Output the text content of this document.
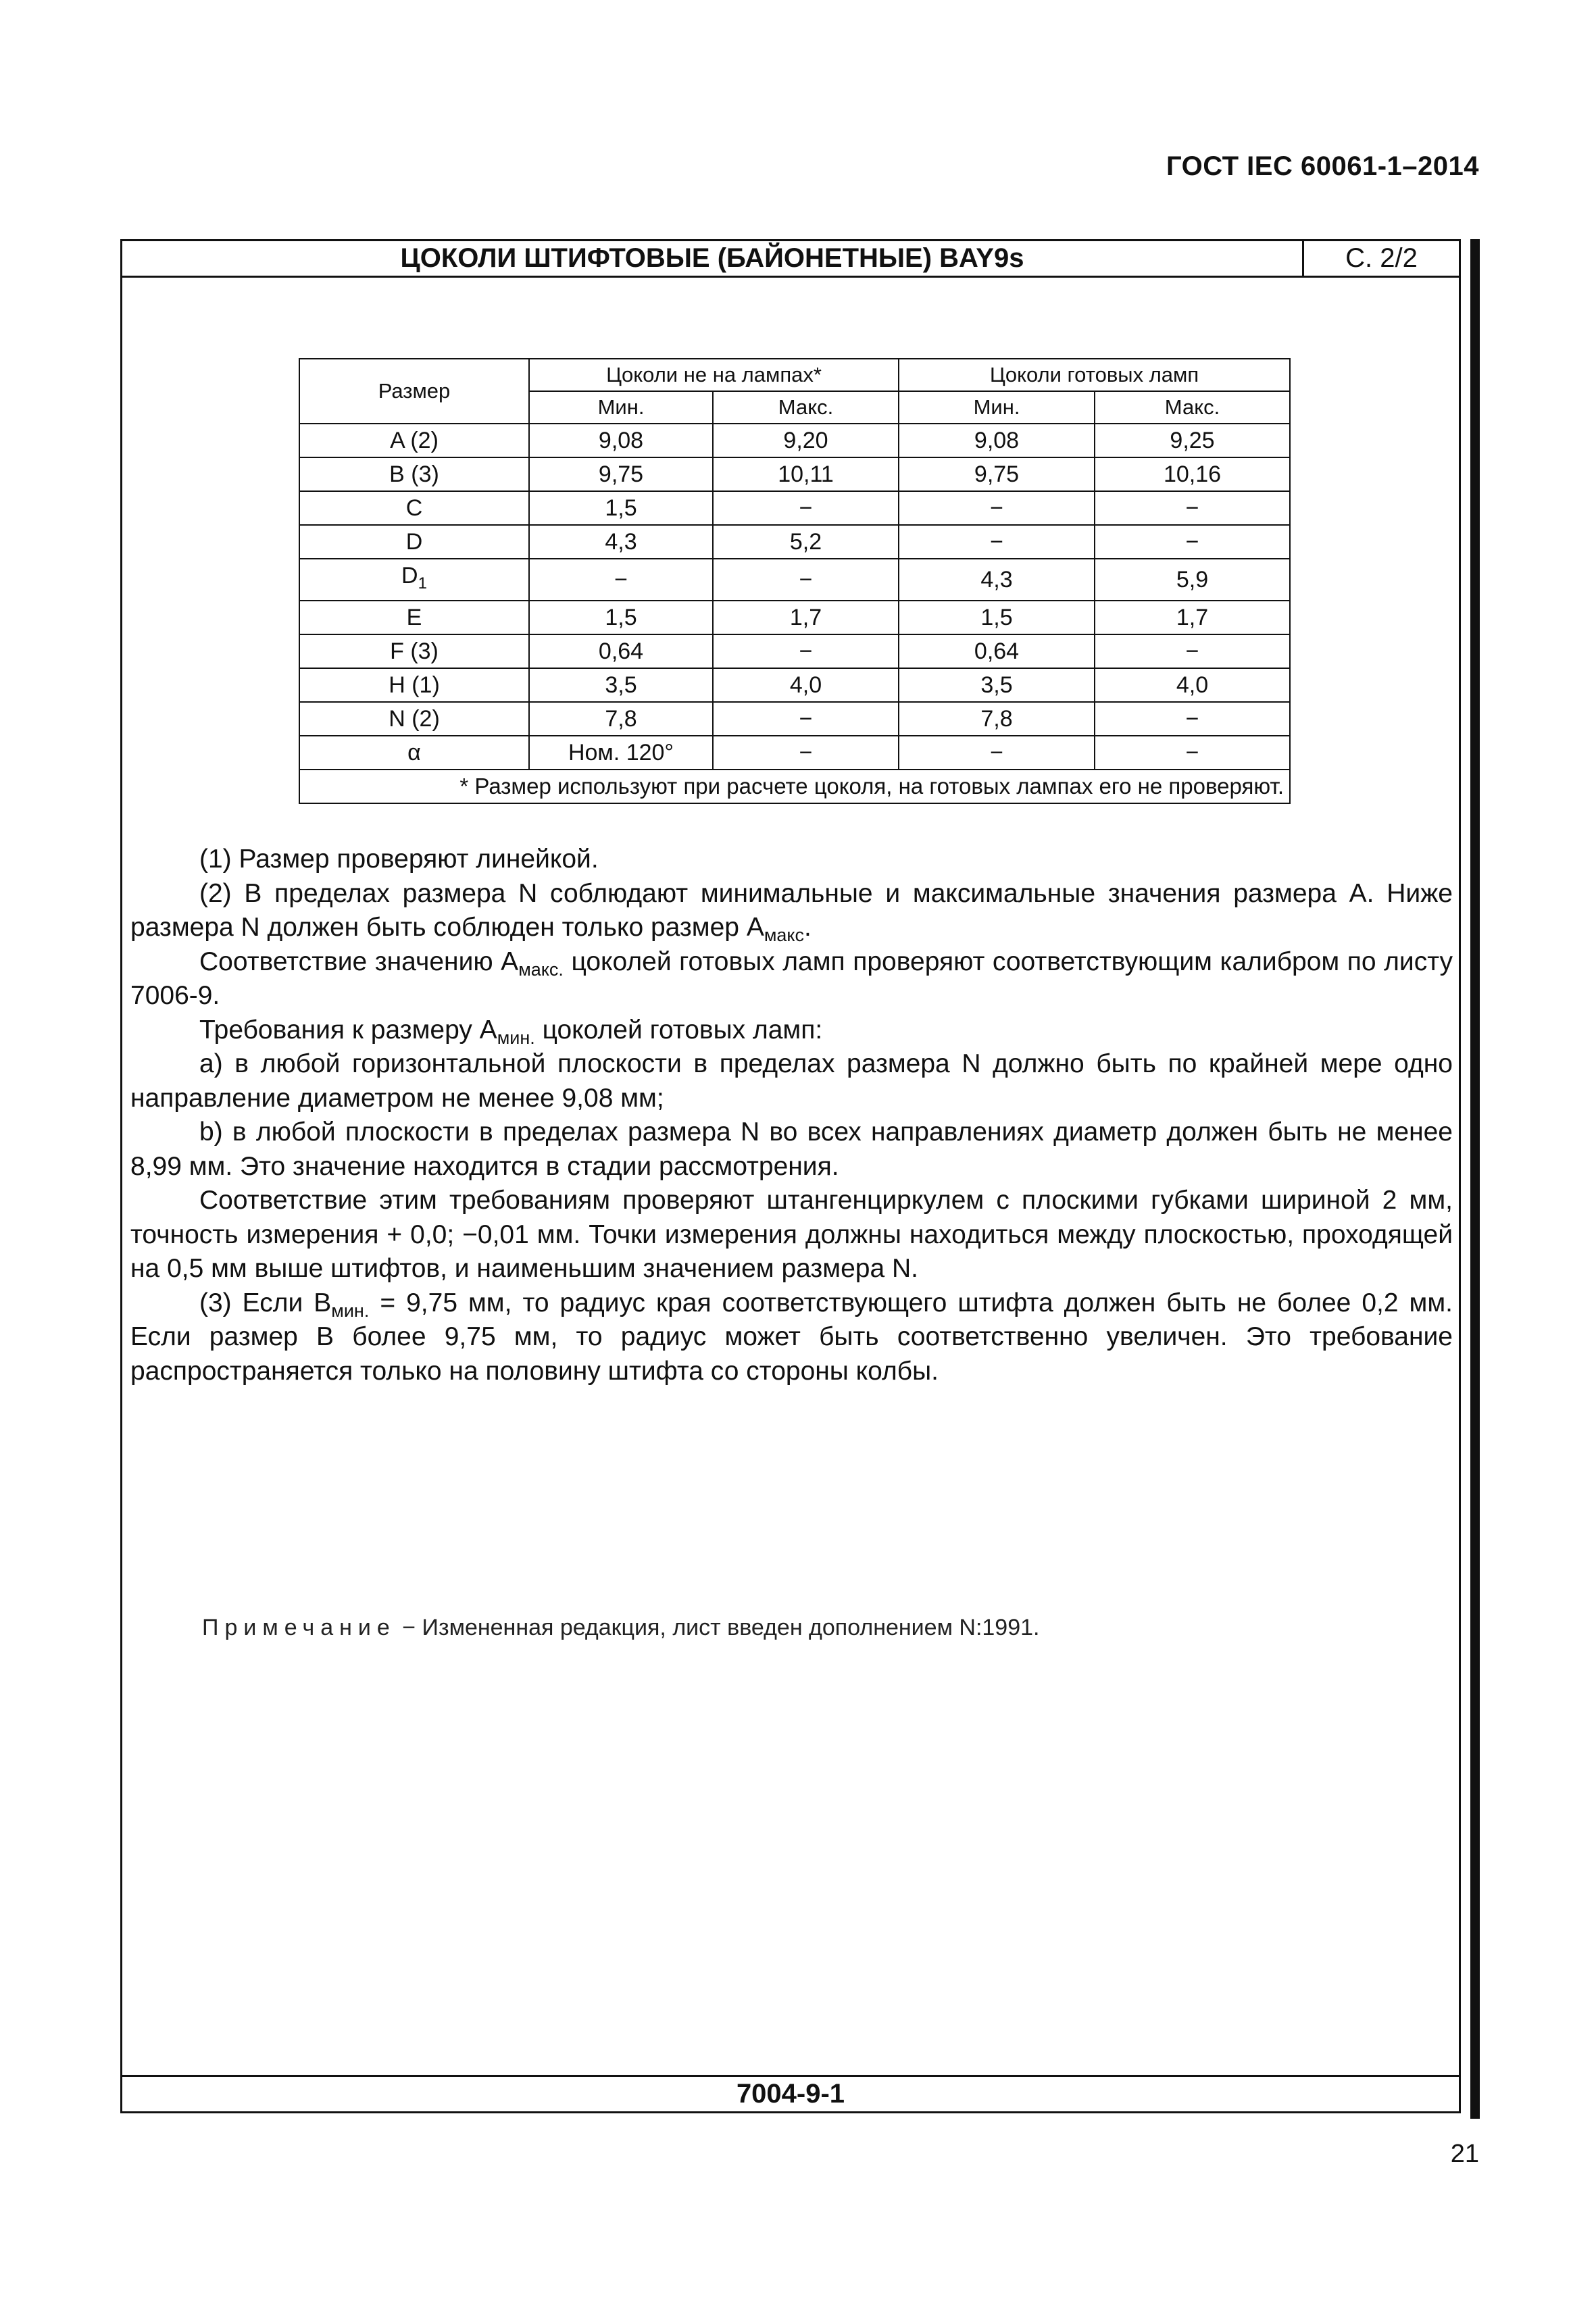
ГОСТ IEC 60061-1–2014
ЦОКОЛИ ШТИФТОВЫЕ (БАЙОНЕТНЫЕ) BAY9s	С. 2/2
Размер	Цоколи не на лампах*		Цоколи готовых ламп	
	Мин.	Макс.	Мин.	Макс.
A (2)	9,08	9,20	9,08	9,25
B (3)	9,75	10,11	9,75	10,16
C	1,5	−	−	−
D	4,3	5,2	−	−
$D_1$	−	−	4,3	5,9
E	1,5	1,7	1,5	1,7
F (3)	0,64	−	0,64	−
H (1)	3,5	4,0	3,5	4,0
N (2)	7,8	−	7,8	−
α	Ном. 120°	−	−	−
* Размер используют при расчете цоколя, на готовых лампах его не проверяют.				

(1) Размер проверяют линейкой.

(2) В пределах размера N соблюдают минимальные и максимальные значения размера A. Ниже размера N должен быть соблюден только размер $A_{макс}$.

Соответствие значению $A_{макс.}$ цоколей готовых ламп проверяют соответствующим калибром по листу 7006-9.

Требования к размеру $A_{мин.}$ цоколей готовых ламп:

a) в любой горизонтальной плоскости в пределах размера N должно быть по крайней мере одно направление диаметром не менее 9,08 мм;

b) в любой плоскости в пределах размера N во всех направлениях диаметр должен быть не менее 8,99 мм. Это значение находится в стадии рассмотрения.

Соответствие этим требованиям проверяют штангенциркулем с плоскими губками шириной 2 мм, точность измерения + 0,0; −0,01 мм. Точки измерения должны находиться между плоскостью, проходящей на 0,5 мм выше штифтов, и наименьшим значением размера N.

(3) Если $B_{мин.} = 9,75$ мм, то радиус края соответствующего штифта должен быть не более 0,2 мм. Если размер B более 9,75 мм, то радиус может быть соответственно увеличен. Это требование распространяется только на половину штифта со стороны колбы.

Примечание − Измененная редакция, лист введен дополнением N:1991.
7004-9-1
21
